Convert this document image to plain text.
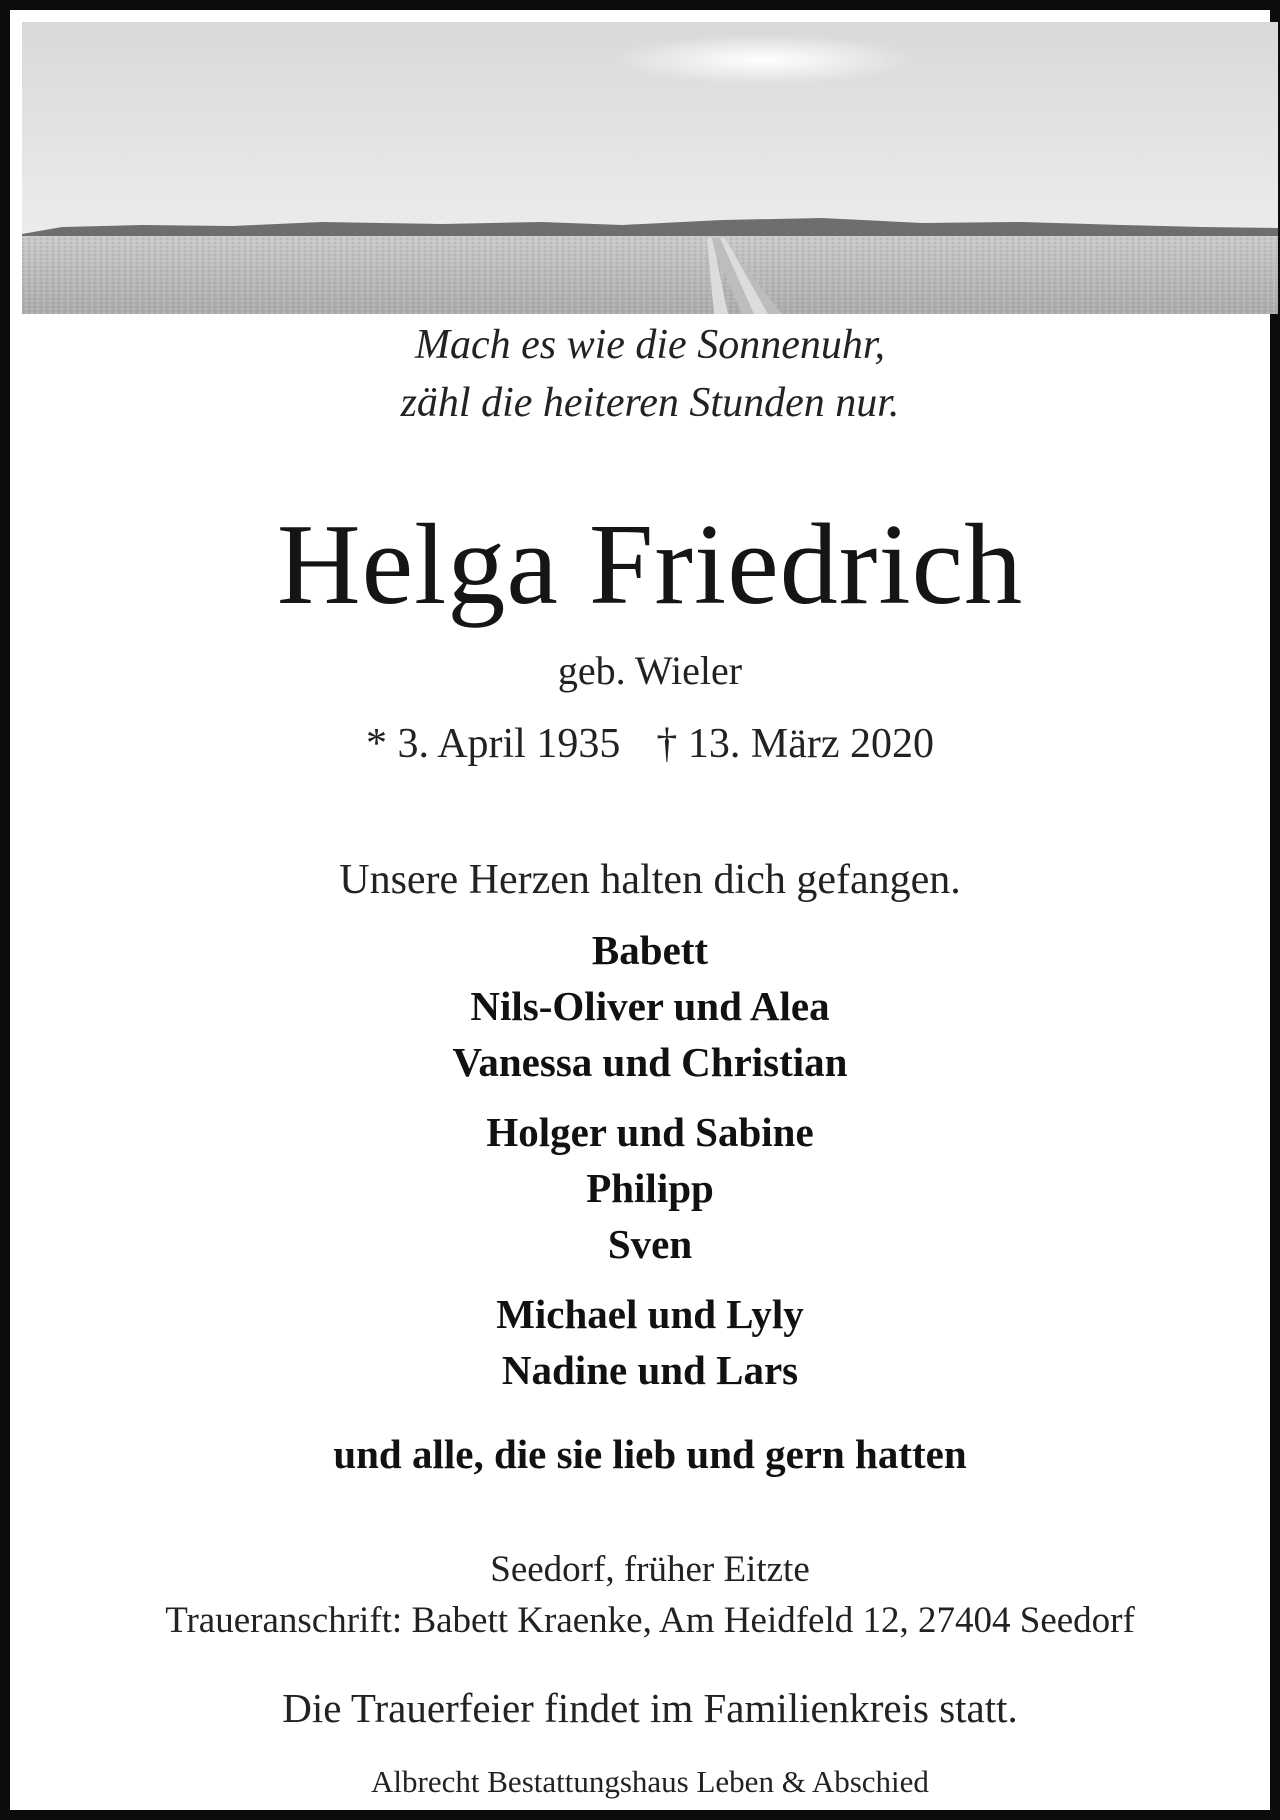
Mach es wie die Sonnenuhr,
zähl die heiteren Stunden nur.
Helga Friedrich
geb. Wieler
* 3. April 1935 † 13. März 2020
Unsere Herzen halten dich gefangen.
Babett
Nils-Oliver und Alea
Vanessa und Christian
Holger und Sabine
Philipp
Sven
Michael und Lyly
Nadine und Lars
und alle, die sie lieb und gern hatten
Seedorf, früher Eitzte
Traueranschrift: Babett Kraenke, Am Heidfeld 12, 27404 Seedorf
Die Trauerfeier findet im Familienkreis statt.
Albrecht Bestattungshaus Leben & Abschied
